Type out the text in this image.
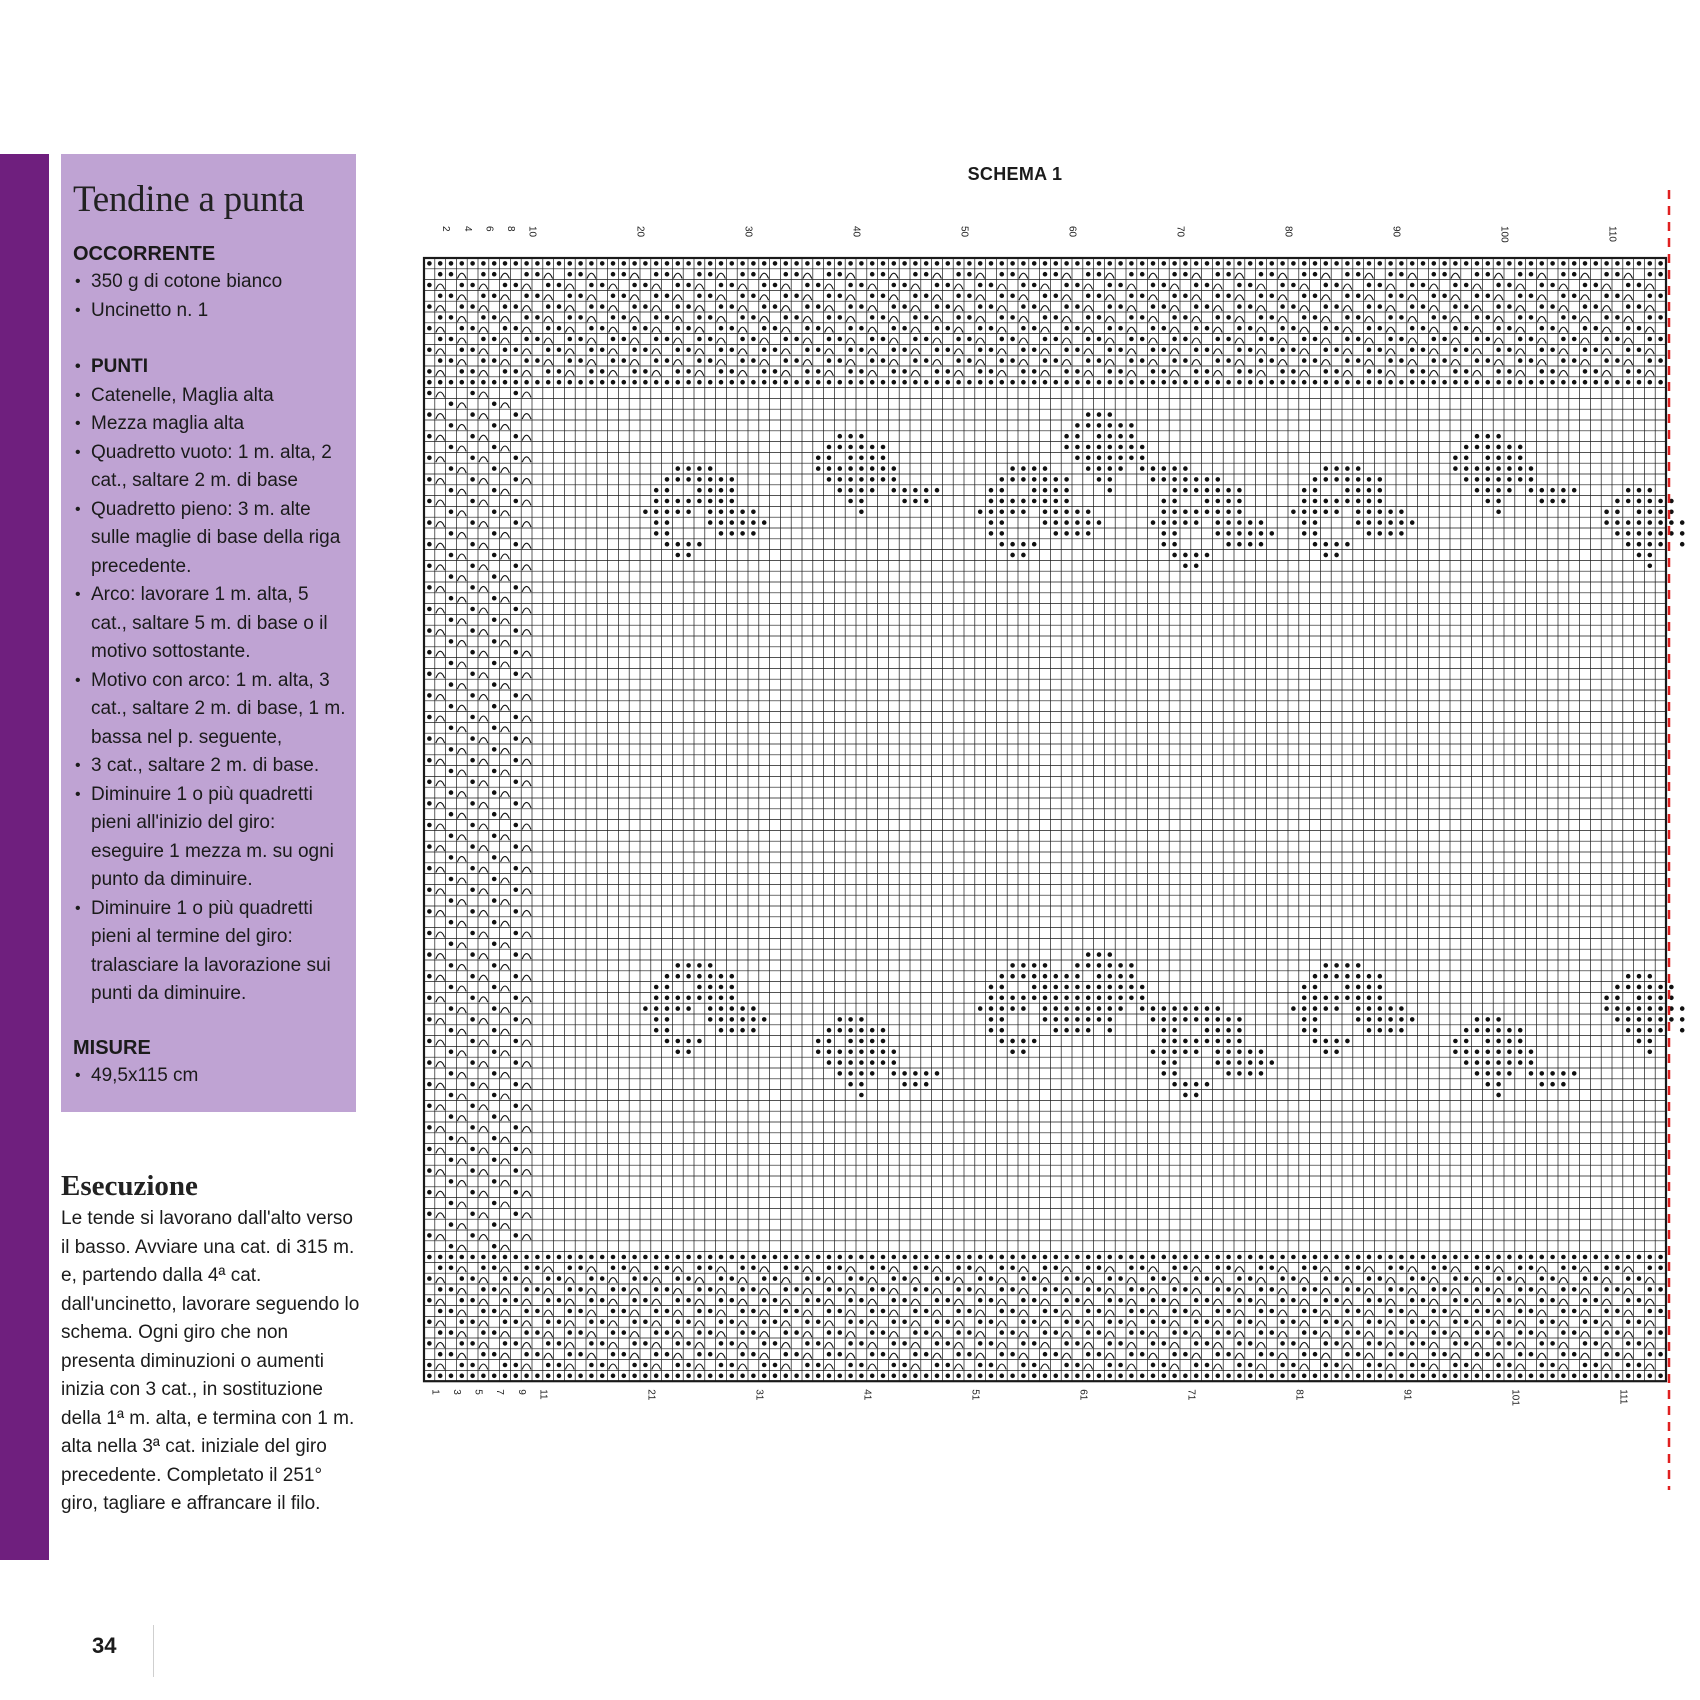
Tendine a punta
OCCORRENTE
• 350 g di cotone bianco
• Uncinetto n. 1
• PUNTI
• Catenelle, Maglia alta
• Mezza maglia alta
• Quadretto vuoto: 1 m. alta, 2 cat., saltare 2 m. di base
• Quadretto pieno: 3 m. alte sulle maglie di base della riga precedente.
• Arco: lavorare 1 m. alta, 5 cat., saltare 5 m. di base o il motivo sottostante.
• Motivo con arco: 1 m. alta, 3 cat., saltare 2 m. di base, 1 m. bassa nel p. seguente,
• 3 cat., saltare 2 m. di base.
• Diminuire 1 o più quadretti pieni all'inizio del giro: eseguire 1 mezza m. su ogni punto da diminuire.
• Diminuire 1 o più quadretti pieni al termine del giro: tralasciare la lavorazione sui punti da diminuire.
MISURE
• 49,5x115 cm
Esecuzione

Le tende si lavorano dall'alto verso il basso. Avviare una cat. di 315 m. e, partendo dalla 4ª cat. dall'uncinetto, lavorare seguendo lo schema. Ogni giro che non presenta diminuzioni o aumenti inizia con 3 cat., in sostituzione della 1ª m. alta, e termina con 1 m. alta nella 3ª cat. iniziale del giro precedente. Completato il 251° giro, tagliare e affrancare il filo.

SCHEMA 1
2 4 6 8 10	20	30	40	50	60	70	80	90	100	110
1 3 5 7 9 11	21	31	41	51	61	71	81	91	101	111
34
